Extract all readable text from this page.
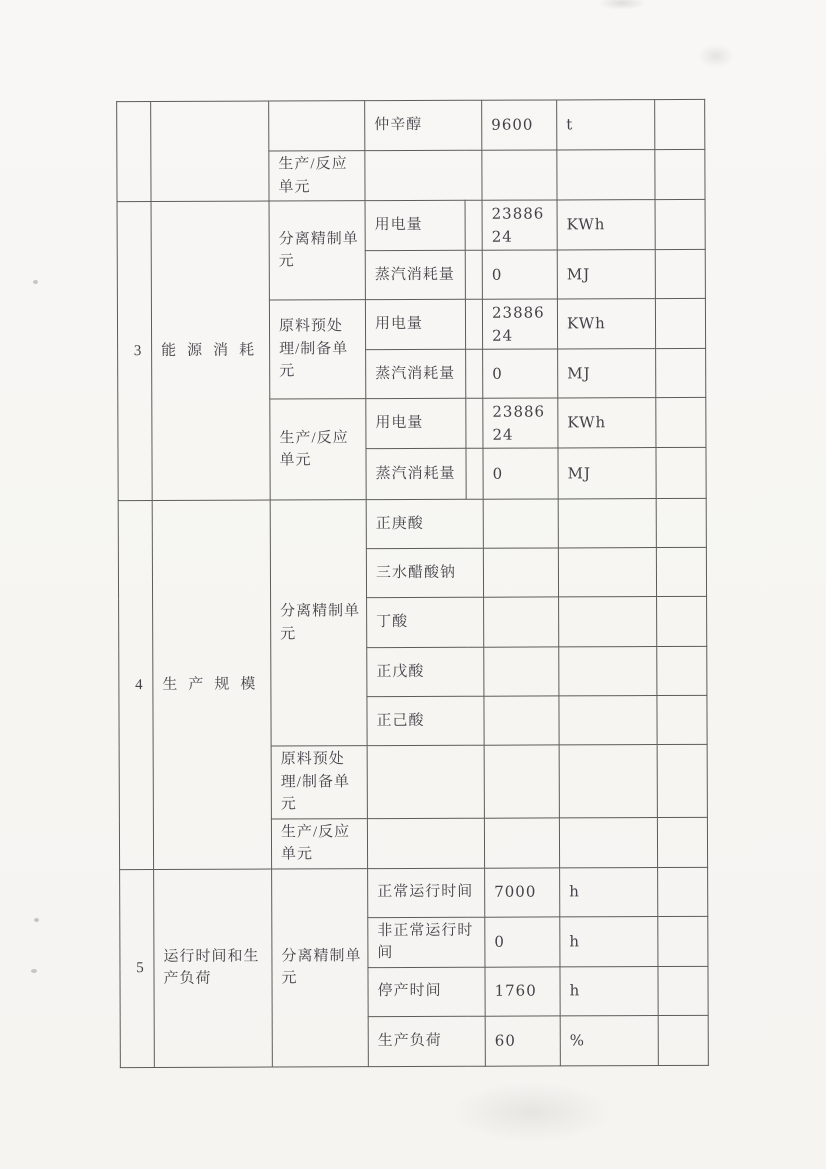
			仲辛醇		9600	t	
		生产/反应单元					
3	能源消耗	分离精制单元	用电量		2388624	KWh	
			蒸汽消耗量		0	MJ	
		原料预处理/制备单元	用电量		2388624	KWh	
			蒸汽消耗量		0	MJ	
		生产/反应单元	用电量		2388624	KWh	
			蒸汽消耗量		0	MJ	
4	生产规模	分离精制单元	正庚酸				
			三水醋酸钠				
			丁酸				
			正戊酸				
			正己酸				
		原料预处理/制备单元					
		生产/反应单元					
5	运行时间和生产负荷	分离精制单元	正常运行时间		7000	h	
			非正常运行时间		0	h	
			停产时间		1760	h	
			生产负荷		60	%	
